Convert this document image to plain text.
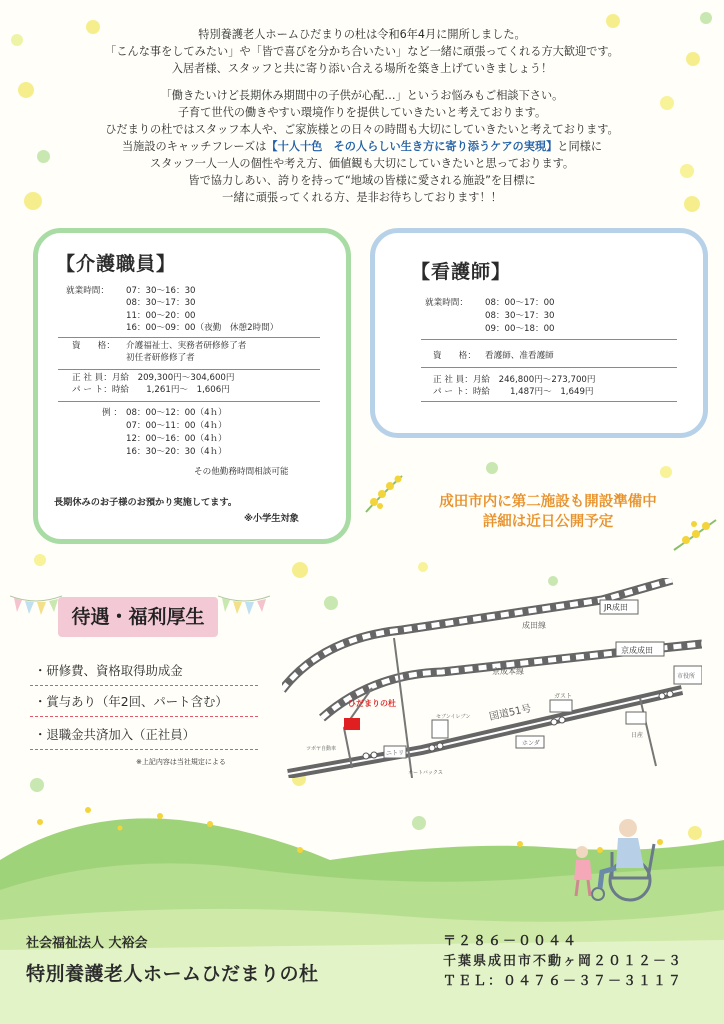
特別養護老人ホームひだまりの杜は令和6年4月に開所しました。
「こんな事をしてみたい」や「皆で喜びを分かち合いたい」など一緒に頑張ってくれる方大歓迎です。
入居者様、スタッフと共に寄り添い合える場所を築き上げていきましょう！
「働きたいけど長期休み期間中の子供が心配…」というお悩みもご相談下さい。
子育て世代の働きやすい環境作りを提供していきたいと考えております。
ひだまりの杜ではスタッフ本人や、ご家族様との日々の時間も大切にしていきたいと考えております。
当施設のキャッチフレーズは【十人十色　その人らしい生き方に寄り添うケアの実現】と同様に
スタッフ一人一人の個性や考え方、価値観も大切にしていきたいと思っております。
皆で協力しあい、誇りを持って“地域の皆様に愛される施設”を目標に
一緒に頑張ってくれる方、是非お待ちしております！！
【介護職員】
就業時間： 07：30〜16：30
08：30〜17：30
11：00〜20：00
16：00〜09：00（夜勤　休憩2時間）
資　　格： 介護福祉士、実務者研修修了者
初任者研修修了者
正 社 員：月給　209,300円〜304,600円
パ ー ト：時給　　1,261円〜　1,606円
例 ： 08：00〜12：00（4ｈ）
07：00〜11：00（4ｈ）
12：00〜16：00（4ｈ）
16：30〜20：30（4ｈ）
その他勤務時間相談可能
長期休みのお子様のお預かり実施してます。
※小学生対象
【看護師】
就業時間： 08：00〜17：00
08：30〜17：30
09：00〜18：00
資　　格： 看護師、准看護師
正 社 員：月給　246,800円〜273,700円
パ ー ト：時給　　 1,487円〜　1,649円
成田市内に第二施設も開設準備中
詳細は近日公開予定
待遇・福利厚生
・研修費、資格取得助成金
・賞与あり（年2回、パート含む）
・退職金共済加入（正社員）
※上記内容は当社規定による
JR成田
京成成田
成田線
京成本線
国道51号
ひだまりの杜
ニトリ
セブンイレブン
ホンダ
ガスト
日産
市役所
ツボヤ自動車
オートバックス
社会福祉法人 大裕会
特別養護老人ホームひだまりの杜
〒２８６－００４４
千葉県成田市不動ヶ岡２０１２－３
ＴＥＬ：０４７６－３７－３１１７
